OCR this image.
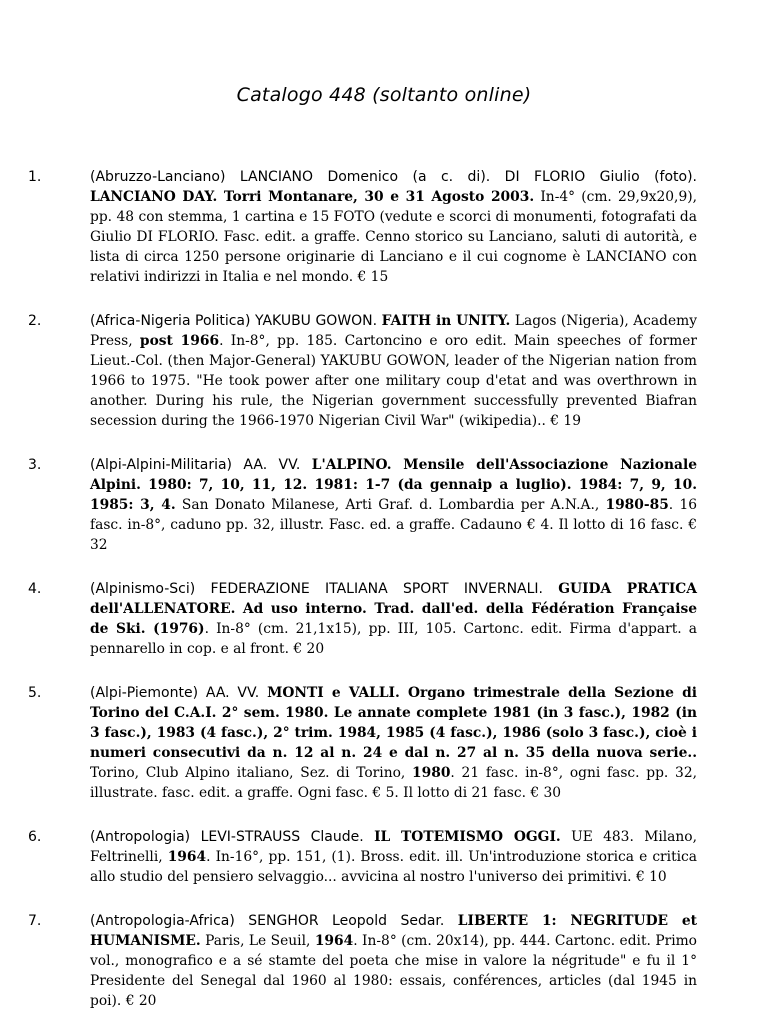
Catalogo 448 (soltanto online)
1.	(Abruzzo-Lanciano) LANCIANO Domenico (a c. di). DI FLORIO Giulio (foto). LANCIANO DAY. Torri Montanare, 30 e 31 Agosto 2003. In-4° (cm. 29,9x20,9), pp. 48 con stemma, 1 cartina e 15 FOTO (vedute e scorci di monumenti, fotografati da Giulio DI FLORIO. Fasc. edit. a graffe. Cenno storico su Lanciano, saluti di autorità, e lista di circa 1250 persone originarie di Lanciano e il cui cognome è LANCIANO con relativi indirizzi in Italia e nel mondo. € 15
2.	(Africa-Nigeria Politica) YAKUBU GOWON. FAITH in UNITY. Lagos (Nigeria), Academy Press, post 1966. In-8°, pp. 185. Cartoncino e oro edit. Main speeches of former Lieut.-Col. (then Major-General) YAKUBU GOWON, leader of the Nigerian nation from 1966 to 1975. "He took power after one military coup d'etat and was overthrown in another. During his rule, the Nigerian government successfully prevented Biafran secession during the 1966-1970 Nigerian Civil War" (wikipedia).. € 19
3.	(Alpi-Alpini-Militaria) AA. VV. L'ALPINO. Mensile dell'Associazione Nazionale Alpini. 1980: 7, 10, 11, 12. 1981: 1-7 (da gennaip a luglio). 1984: 7, 9, 10. 1985: 3, 4. San Donato Milanese, Arti Graf. d. Lombardia per A.N.A., 1980-85. 16 fasc. in-8°, caduno pp. 32, illustr. Fasc. ed. a graffe. Cadauno € 4. Il lotto di 16 fasc. € 32
4.	(Alpinismo-Sci) FEDERAZIONE ITALIANA SPORT INVERNALI. GUIDA PRATICA dell'ALLENATORE. Ad uso interno. Trad. dall'ed. della Fédération Française de Ski. (1976). In-8° (cm. 21,1x15), pp. III, 105. Cartonc. edit. Firma d'appart. a pennarello in cop. e al front. € 20
5.	(Alpi-Piemonte) AA. VV. MONTI e VALLI. Organo trimestrale della Sezione di Torino del C.A.I. 2° sem. 1980. Le annate complete 1981 (in 3 fasc.), 1982 (in 3 fasc.), 1983 (4 fasc.), 2° trim. 1984, 1985 (4 fasc.), 1986 (solo 3 fasc.), cioè i numeri consecutivi da n. 12 al n. 24 e dal n. 27 al n. 35 della nuova serie.. Torino, Club Alpino italiano, Sez. di Torino, 1980. 21 fasc. in-8°, ogni fasc. pp. 32, illustrate. fasc. edit. a graffe. Ogni fasc. € 5. Il lotto di 21 fasc. € 30
6.	(Antropologia) LEVI-STRAUSS Claude. IL TOTEMISMO OGGI. UE 483. Milano, Feltrinelli, 1964. In-16°, pp. 151, (1). Bross. edit. ill. Un'introduzione storica e critica allo studio del pensiero selvaggio... avvicina al nostro l'universo dei primitivi. € 10
7.	(Antropologia-Africa) SENGHOR Leopold Sedar. LIBERTE 1: NEGRITUDE et HUMANISME. Paris, Le Seuil, 1964. In-8° (cm. 20x14), pp. 444. Cartonc. edit. Primo vol., monografico e a sé stamte del poeta che mise in valore la négritude" e fu il 1° Presidente del Senegal dal 1960 al 1980: essais, conférences, articles (dal 1945 in poi). € 20
